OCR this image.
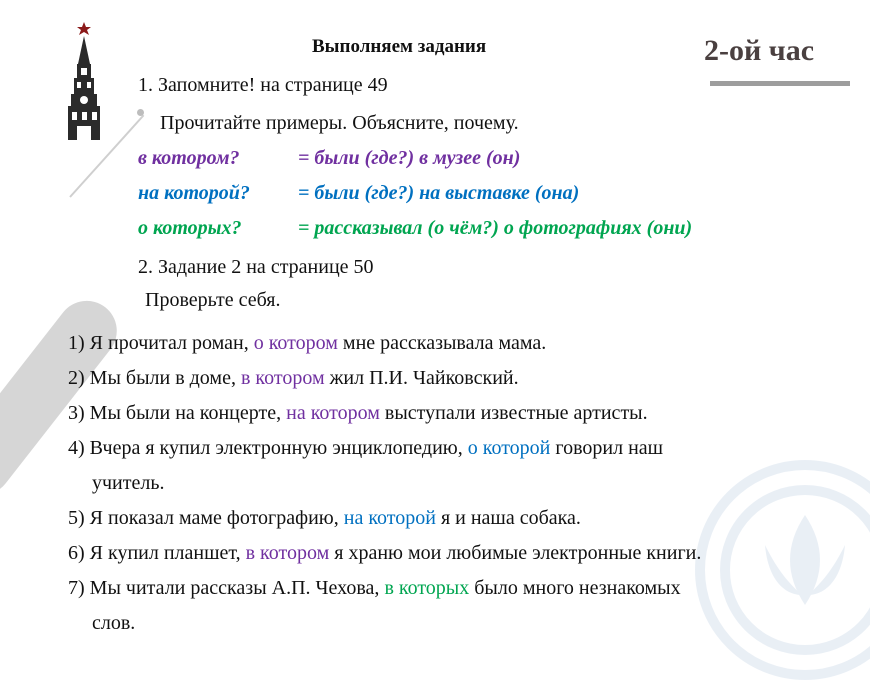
Выполняем задания	2-ой час
1. Запомните! на странице 49
Прочитайте примеры. Объясните, почему.
в котором?	= были (где?) в музее (он)
на которой? = были (где?) на выставке (она)
о которых?	= рассказывал (о чём?) о фотографиях (они)
2. Задание 2 на странице 50
Проверьте себя.

1) Я прочитал роман, о котором мне рассказывала мама.

2) Мы были в доме, в котором жил П.И. Чайковский.

3) Мы были на концерте, на котором выступали известные артисты.

4) Вчера я купил электронную энциклопедию, о которой говорил наш
учитель.

5) Я показал маме фотографию, на которой я и наша собака.

6) Я купил планшет, в котором я храню мои любимые электронные книги.

7) Мы читали рассказы А.П. Чехова, в которых было много незнакомых
слов.
